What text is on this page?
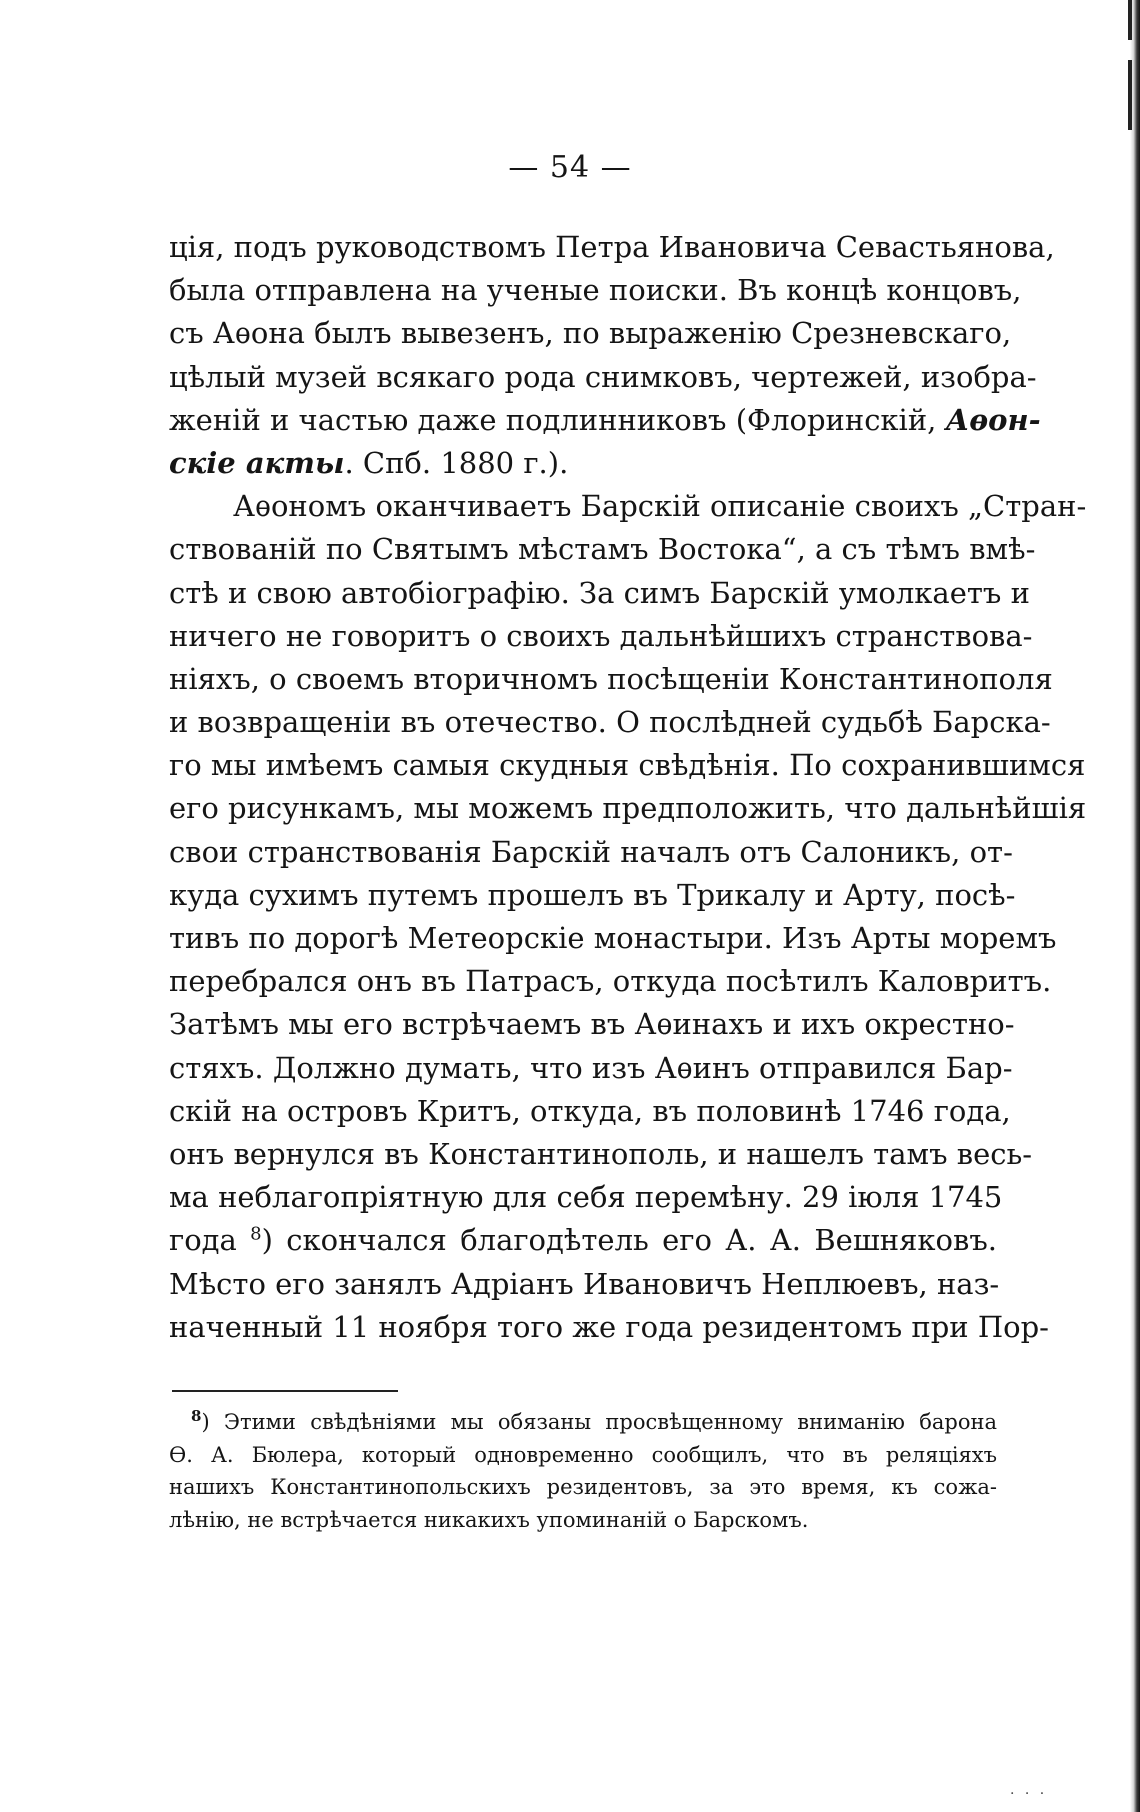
— 54 —
ція, подъ руководствомъ Петра Ивановича Севастьянова,
была отправлена на ученые поиски. Въ концѣ концовъ,
съ Аѳона былъ вывезенъ, по выраженію Срезневскаго,
цѣлый музей всякаго рода снимковъ, чертежей, изобра-
женій и частью даже подлинниковъ (Флоринскій, Аѳон-
скіе акты. Спб. 1880 г.).
Аѳономъ оканчиваетъ Барскій описаніе своихъ „Стран-
ствованій по Святымъ мѣстамъ Востока“, а съ тѣмъ вмѣ-
стѣ и свою автобіографію. За симъ Барскій умолкаетъ и
ничего не говоритъ о своихъ дальнѣйшихъ странствова-
ніяхъ, о своемъ вторичномъ посѣщеніи Константинополя
и возвращеніи въ отечество. О послѣдней судьбѣ Барска-
го мы имѣемъ самыя скудныя свѣдѣнія. По сохранившимся
его рисункамъ, мы можемъ предположить, что дальнѣйшія
свои странствованія Барскій началъ отъ Салоникъ, от-
куда сухимъ путемъ прошелъ въ Трикалу и Арту, посѣ-
тивъ по дорогѣ Метеорскіе монастыри. Изъ Арты моремъ
перебрался онъ въ Патрасъ, откуда посѣтилъ Каловритъ.
Затѣмъ мы его встрѣчаемъ въ Аѳинахъ и ихъ окрестно-
стяхъ. Должно думать, что изъ Аѳинъ отправился Бар-
скій на островъ Критъ, откуда, въ половинѣ 1746 года,
онъ вернулся въ Константинополь, и нашелъ тамъ весь-
ма неблагопріятную для себя перемѣну. 29 іюля 1745
года $^8$) скончался благодѣтель его А. А. Вешняковъ.
Мѣсто его занялъ Адріанъ Ивановичъ Неплюевъ, наз-
наченный 11 ноября того же года резидентомъ при Пор-
$^8$) Этими свѣдѣніями мы обязаны просвѣщенному вниманію барона
Ѳ. А. Бюлера, который одновременно сообщилъ, что въ реляціяхъ
нашихъ Константинопольскихъ резидентовъ, за это время, къ сожа-
лѣнію, не встрѣчается никакихъ упоминаній о Барскомъ.
· · ·
